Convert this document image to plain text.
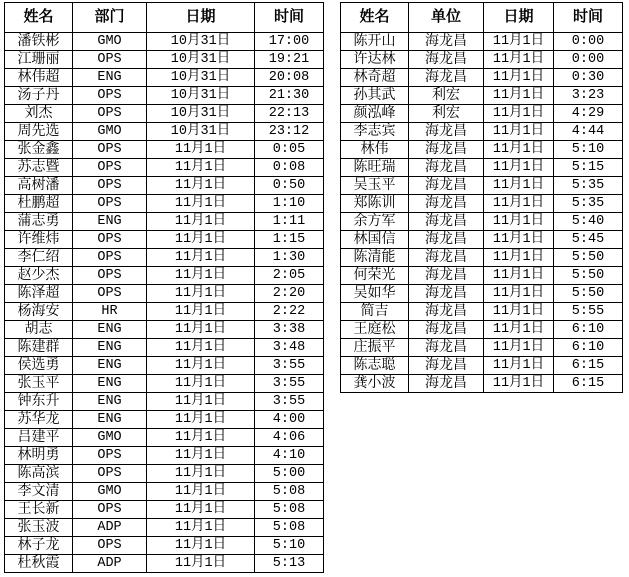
姓名	部门	日期	时间
潘铁彬	GMO	10月31日	17:00
江珊丽	OPS	10月31日	19:21
林伟超	ENG	10月31日	20:08
汤子丹	OPS	10月31日	21:30
刘杰	OPS	10月31日	22:13
周先选	GMO	10月31日	23:12
张金鑫	OPS	11月1日	0:05
苏志暨	OPS	11月1日	0:08
高树潘	OPS	11月1日	0:50
杜鹏超	OPS	11月1日	1:10
蒲志勇	ENG	11月1日	1:11
许维炜	OPS	11月1日	1:15
李仁绍	OPS	11月1日	1:30
赵少杰	OPS	11月1日	2:05
陈泽超	OPS	11月1日	2:20
杨海安	HR	11月1日	2:22
胡志	ENG	11月1日	3:38
陈建群	ENG	11月1日	3:48
侯选勇	ENG	11月1日	3:55
张玉平	ENG	11月1日	3:55
钟东升	ENG	11月1日	3:55
苏华龙	ENG	11月1日	4:00
吕建平	GMO	11月1日	4:06
林明勇	OPS	11月1日	4:10
陈高滨	OPS	11月1日	5:00
李文清	GMO	11月1日	5:08
王长新	OPS	11月1日	5:08
张玉波	ADP	11月1日	5:08
林子龙	OPS	11月1日	5:10
杜秋霞	ADP	11月1日	5:13
姓名	单位	日期	时间
陈开山	海龙昌	11月1日	0:00
许达林	海龙昌	11月1日	0:00
林奇超	海龙昌	11月1日	0:30
孙其武	利宏	11月1日	3:23
颜泓峰	利宏	11月1日	4:29
李志宾	海龙昌	11月1日	4:44
林伟	海龙昌	11月1日	5:10
陈旺瑞	海龙昌	11月1日	5:15
吴玉平	海龙昌	11月1日	5:35
郑陈训	海龙昌	11月1日	5:35
余方军	海龙昌	11月1日	5:40
林国信	海龙昌	11月1日	5:45
陈清能	海龙昌	11月1日	5:50
何荣光	海龙昌	11月1日	5:50
吴如华	海龙昌	11月1日	5:50
简吉	海龙昌	11月1日	5:55
王庭松	海龙昌	11月1日	6:10
庄振平	海龙昌	11月1日	6:10
陈志聪	海龙昌	11月1日	6:15
龚小波	海龙昌	11月1日	6:15
